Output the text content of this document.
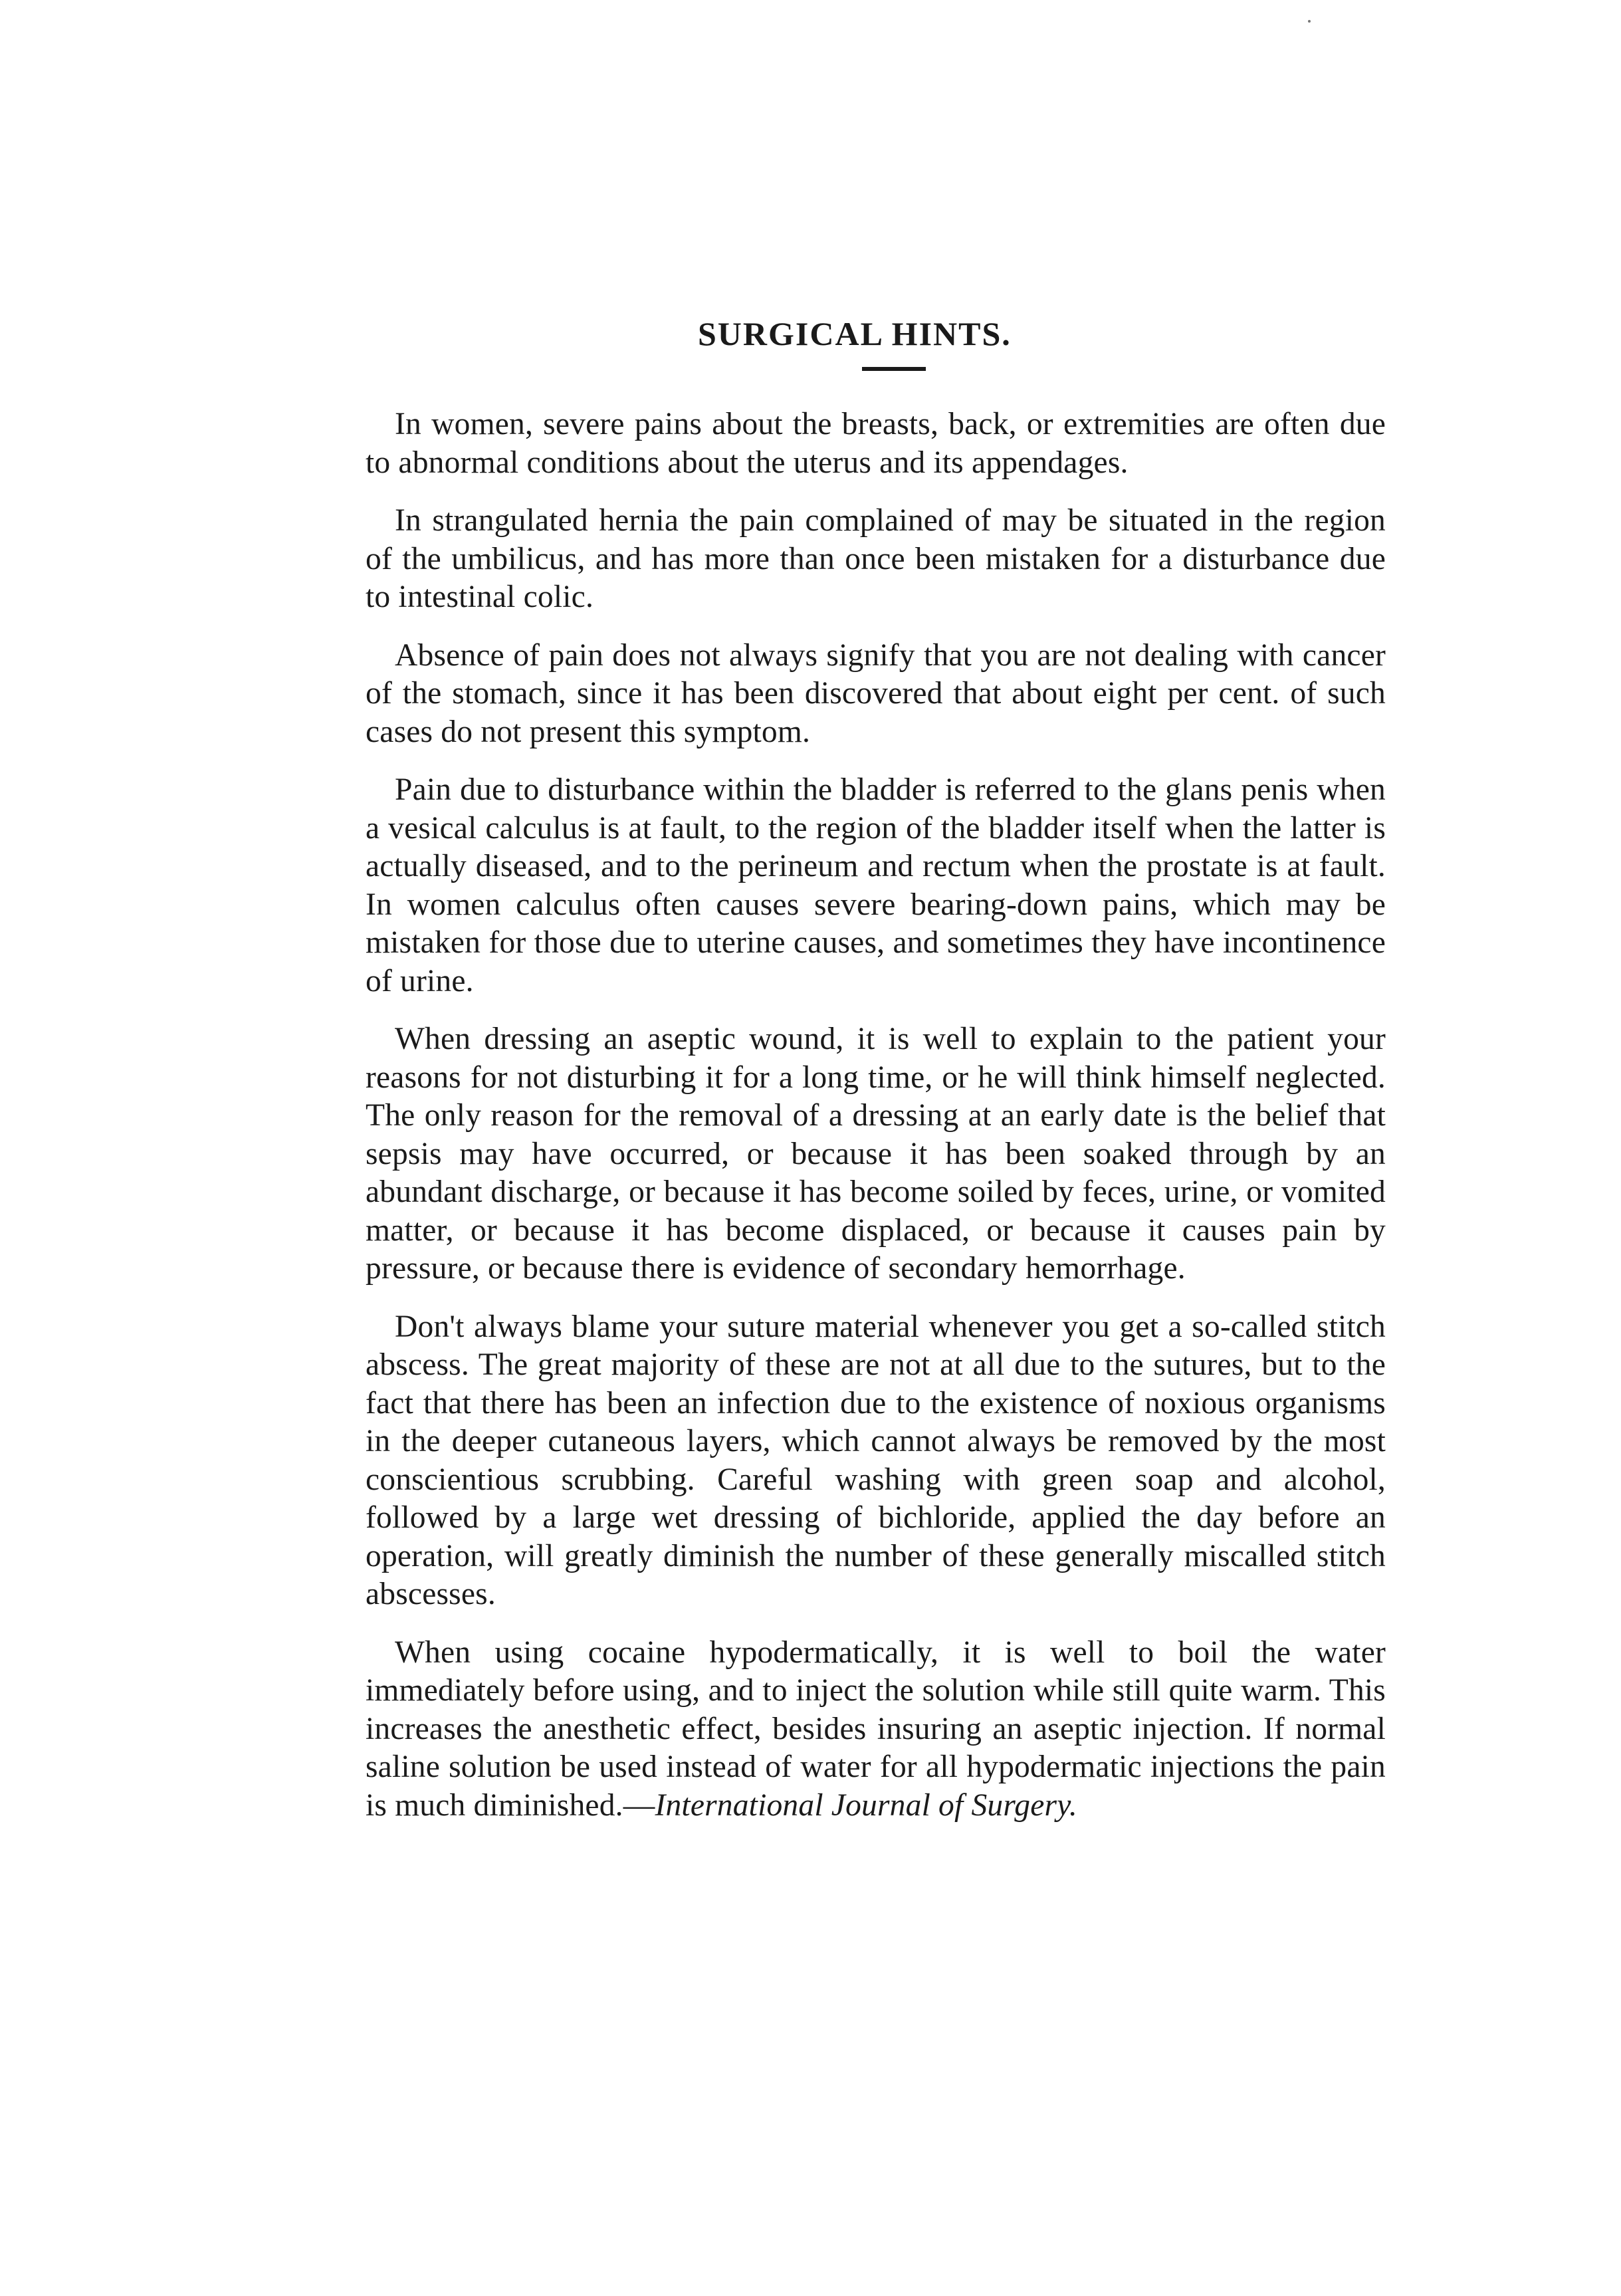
SURGICAL HINTS.

In women, severe pains about the breasts, back, or extremities are often due to abnormal conditions about the uterus and its appendages.

In strangulated hernia the pain complained of may be situated in the region of the umbilicus, and has more than once been mistaken for a disturbance due to intestinal colic.

Absence of pain does not always signify that you are not dealing with cancer of the stomach, since it has been discovered that about eight per cent. of such cases do not present this symptom.

Pain due to disturbance within the bladder is referred to the glans penis when a vesical calculus is at fault, to the region of the bladder itself when the latter is actually diseased, and to the perineum and rectum when the prostate is at fault. In women calculus often causes severe bearing-down pains, which may be mistaken for those due to uterine causes, and sometimes they have incontinence of urine.

When dressing an aseptic wound, it is well to explain to the patient your reasons for not disturbing it for a long time, or he will think himself neglected. The only reason for the removal of a dressing at an early date is the belief that sepsis may have occurred, or because it has been soaked through by an abundant discharge, or because it has become soiled by feces, urine, or vomited matter, or because it has become displaced, or because it causes pain by pressure, or because there is evidence of secondary hemorrhage.

Don't always blame your suture material whenever you get a so-called stitch abscess. The great majority of these are not at all due to the sutures, but to the fact that there has been an infection due to the existence of noxious organisms in the deeper cutaneous layers, which cannot always be removed by the most conscientious scrubbing. Careful washing with green soap and alcohol, followed by a large wet dressing of bichloride, applied the day before an operation, will greatly diminish the number of these generally miscalled stitch abscesses.

When using cocaine hypodermatically, it is well to boil the water immediately before using, and to inject the solution while still quite warm. This increases the anesthetic effect, besides insuring an aseptic injection. If normal saline solution be used instead of water for all hypodermatic injections the pain is much diminished.—International Journal of Surgery.
